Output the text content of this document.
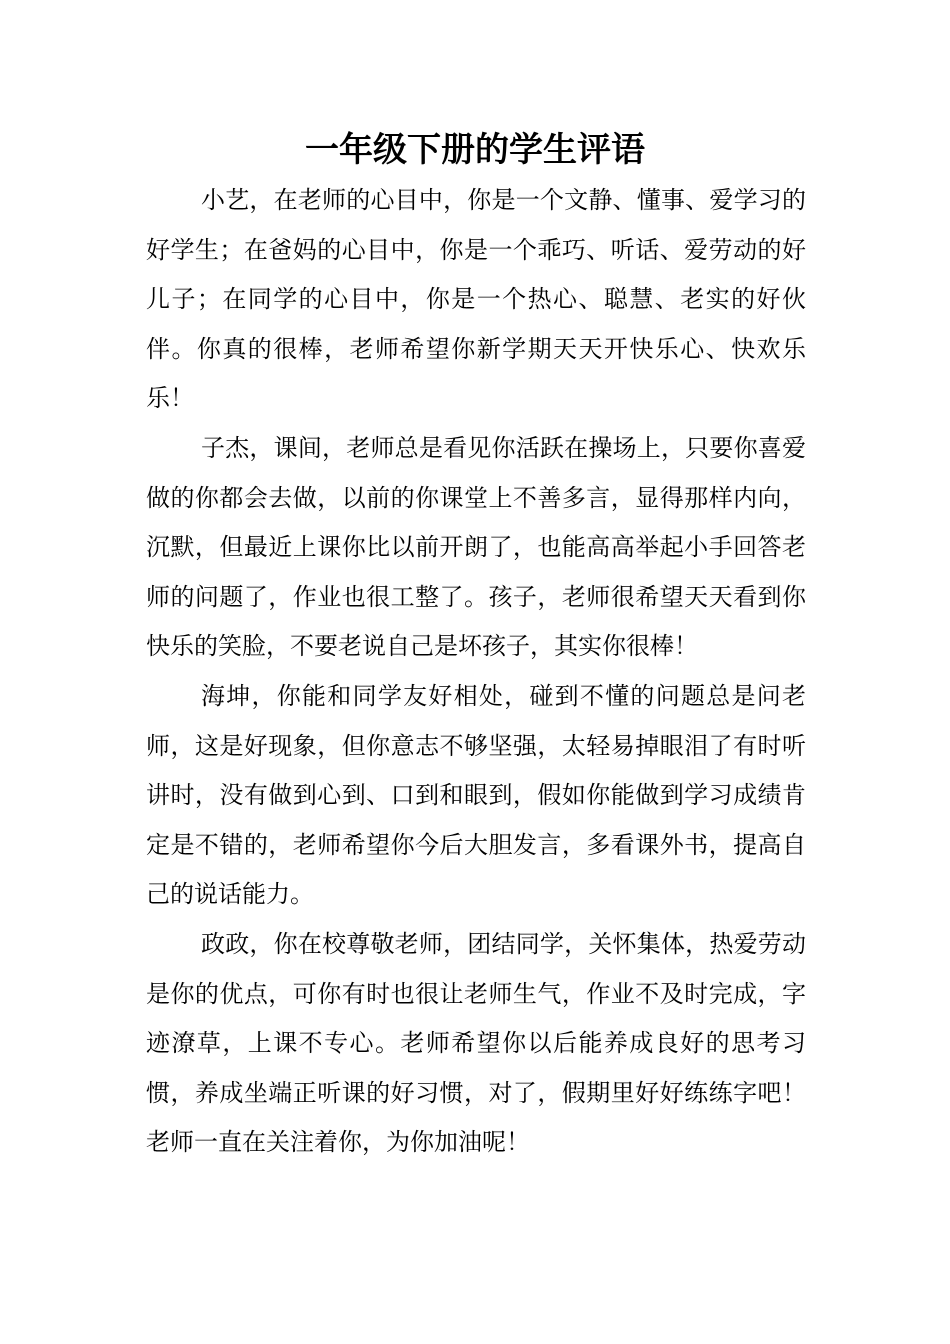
一年级下册的学生评语

小艺，在老师的心目中，你是一个文静、懂事、爱学习的好学生；在爸妈的心目中，你是一个乖巧、听话、爱劳动的好儿子；在同学的心目中，你是一个热心、聪慧、老实的好伙伴。你真的很棒，老师希望你新学期天天开快乐心、快欢乐乐！

子杰，课间，老师总是看见你活跃在操场上，只要你喜爱做的你都会去做，以前的你课堂上不善多言，显得那样内向，沉默，但最近上课你比以前开朗了，也能高高举起小手回答老师的问题了，作业也很工整了。孩子，老师很希望天天看到你快乐的笑脸，不要老说自己是坏孩子，其实你很棒！

海坤，你能和同学友好相处，碰到不懂的问题总是问老师，这是好现象，但你意志不够坚强，太轻易掉眼泪了有时听讲时，没有做到心到、口到和眼到，假如你能做到学习成绩肯定是不错的，老师希望你今后大胆发言，多看课外书，提高自己的说话能力。

政政，你在校尊敬老师，团结同学，关怀集体，热爱劳动是你的优点，可你有时也很让老师生气，作业不及时完成，字迹潦草，上课不专心。老师希望你以后能养成良好的思考习惯，养成坐端正听课的好习惯，对了，假期里好好练练字吧！老师一直在关注着你，为你加油呢！
